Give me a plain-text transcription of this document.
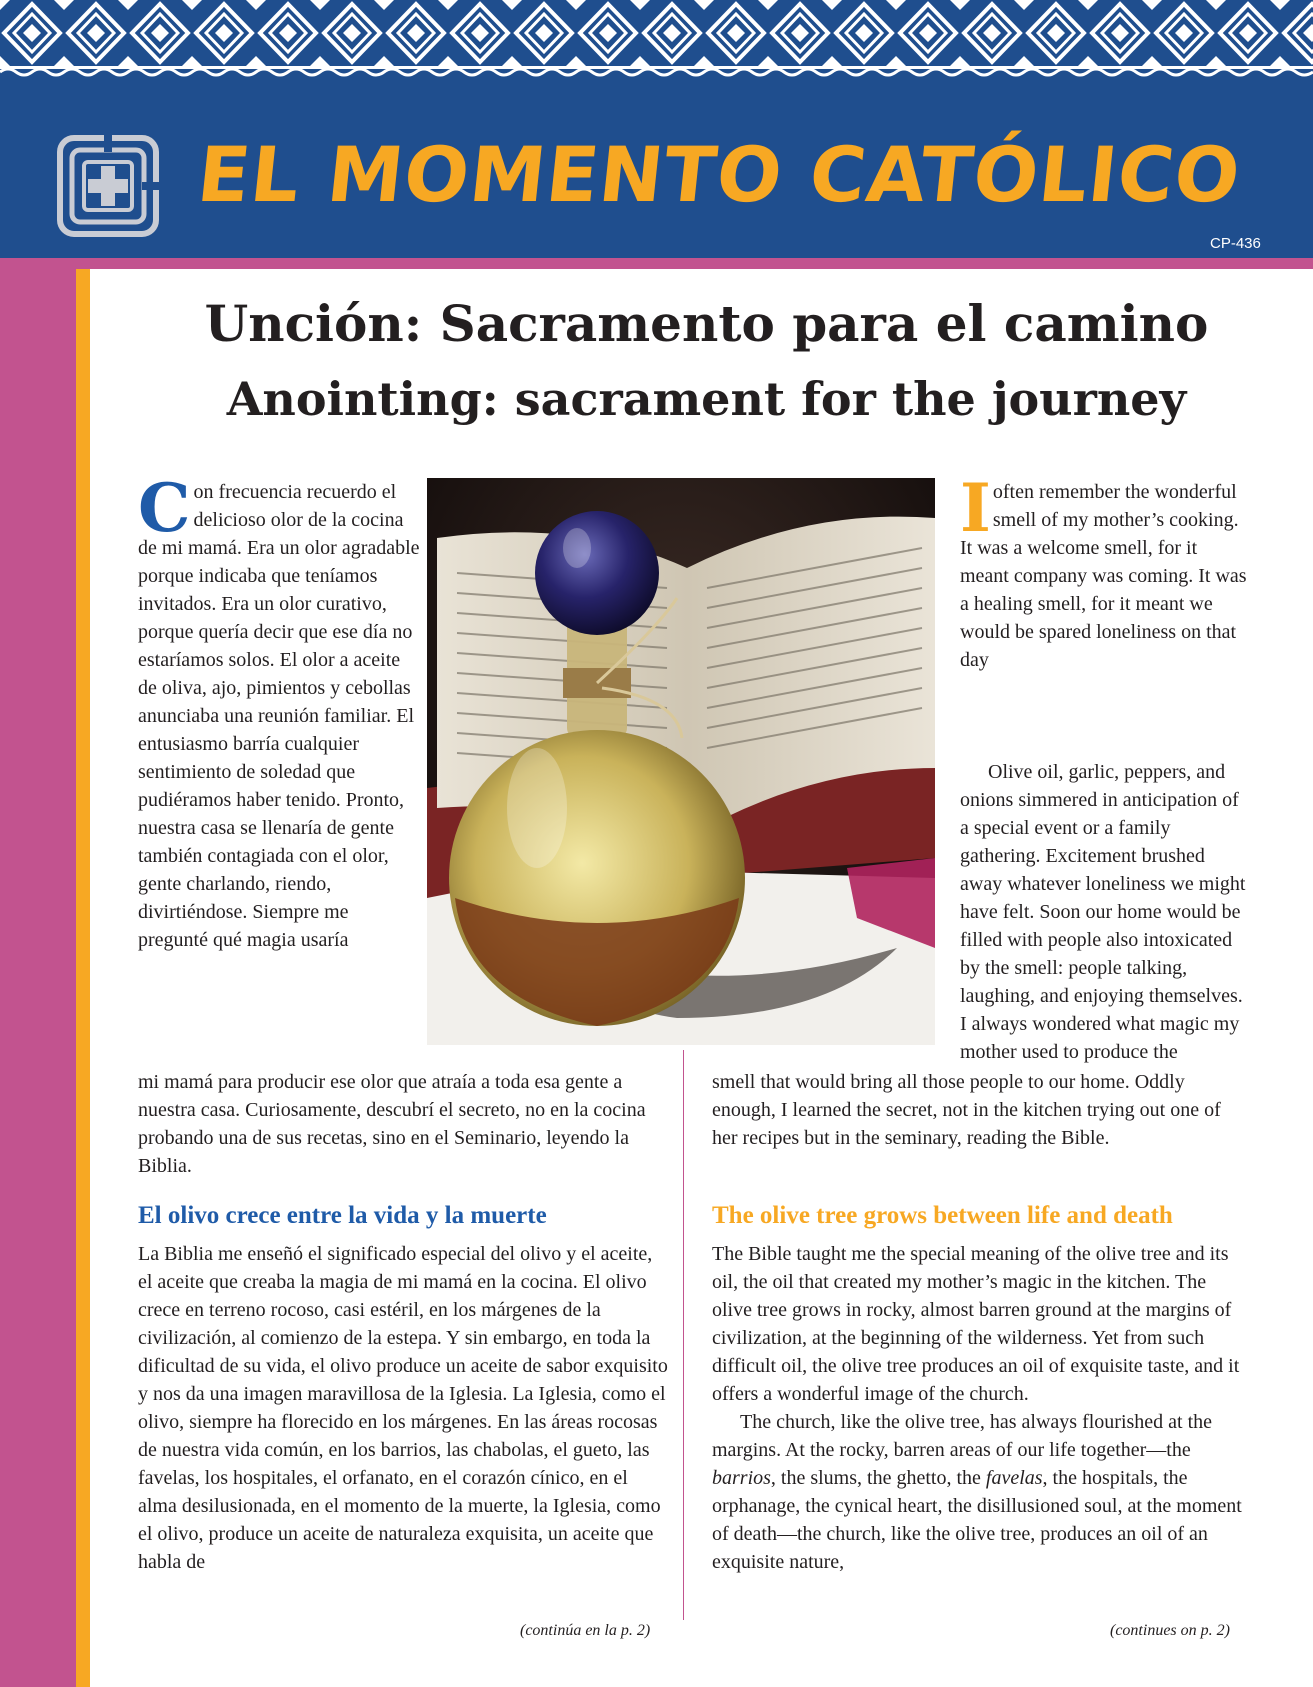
EL MOMENTO CATÓLICO
CP-436
Unción: Sacramento para el camino
Anointing: sacrament for the journey

Con frecuencia recuerdo el delicioso olor de la cocina de mi mamá. Era un olor agradable porque indicaba que teníamos invitados. Era un olor curativo, porque quería decir que ese día no estaríamos solos. El olor a aceite de oliva, ajo, pimientos y cebollas anunciaba una reunión familiar. El entusiasmo barría cualquier sentimiento de soledad que pudiéramos haber tenido. Pronto, nuestra casa se llenaría de gente también contagiada con el olor, gente charlando, riendo, divirtiéndose. Siempre me pregunté qué magia usaría

mi mamá para producir ese olor que atraía a toda esa gente a nuestra casa. Curiosamente, descubrí el secreto, no en la cocina probando una de sus recetas, sino en el Seminario, leyendo la Biblia.

Ioften remember the wonderful smell of my mother’s cooking. It was a welcome smell, for it meant company was coming. It was a healing smell, for it meant we would be spared loneliness on that day

Olive oil, garlic, peppers, and onions simmered in anticipation of a special event or a family gathering. Excitement brushed away whatever loneliness we might have felt. Soon our home would be filled with people also intoxicated by the smell: people talking, laughing, and enjoying themselves. I always wondered what magic my mother used to produce the

smell that would bring all those people to our home. Oddly enough, I learned the secret, not in the kitchen trying out one of her recipes but in the seminary, reading the Bible.

El olivo crece entre la vida y la muerte	The olive tree grows between life and death

La Biblia me enseñó el significado especial del olivo y el aceite, el aceite que creaba la magia de mi mamá en la cocina. El olivo crece en terreno rocoso, casi estéril, en los márgenes de la civilización, al comienzo de la estepa. Y sin embargo, en toda la dificultad de su vida, el olivo produce un aceite de sabor exquisito y nos da una imagen maravillosa de la Iglesia. La Iglesia, como el olivo, siempre ha florecido en los márgenes. En las áreas rocosas de nuestra vida común, en los barrios, las chabolas, el gueto, las favelas, los hospitales, el orfanato, en el corazón cínico, en el alma desilusionada, en el momento de la muerte, la Iglesia, como el olivo, produce un aceite de naturaleza exquisita, un aceite que habla de

The Bible taught me the special meaning of the olive tree and its oil, the oil that created my mother’s magic in the kitchen. The olive tree grows in rocky, almost barren ground at the margins of civilization, at the beginning of the wilderness. Yet from such difficult oil, the olive tree produces an oil of exquisite taste, and it offers a wonderful image of the church.

The church, like the olive tree, has always flourished at the margins. At the rocky, barren areas of our life together—the barrios, the slums, the ghetto, the favelas, the hospitals, the orphanage, the cynical heart, the disillusioned soul, at the moment of death—the church, like the olive tree, produces an oil of an exquisite nature,

(continúa en la p. 2)	(continues on p. 2)
